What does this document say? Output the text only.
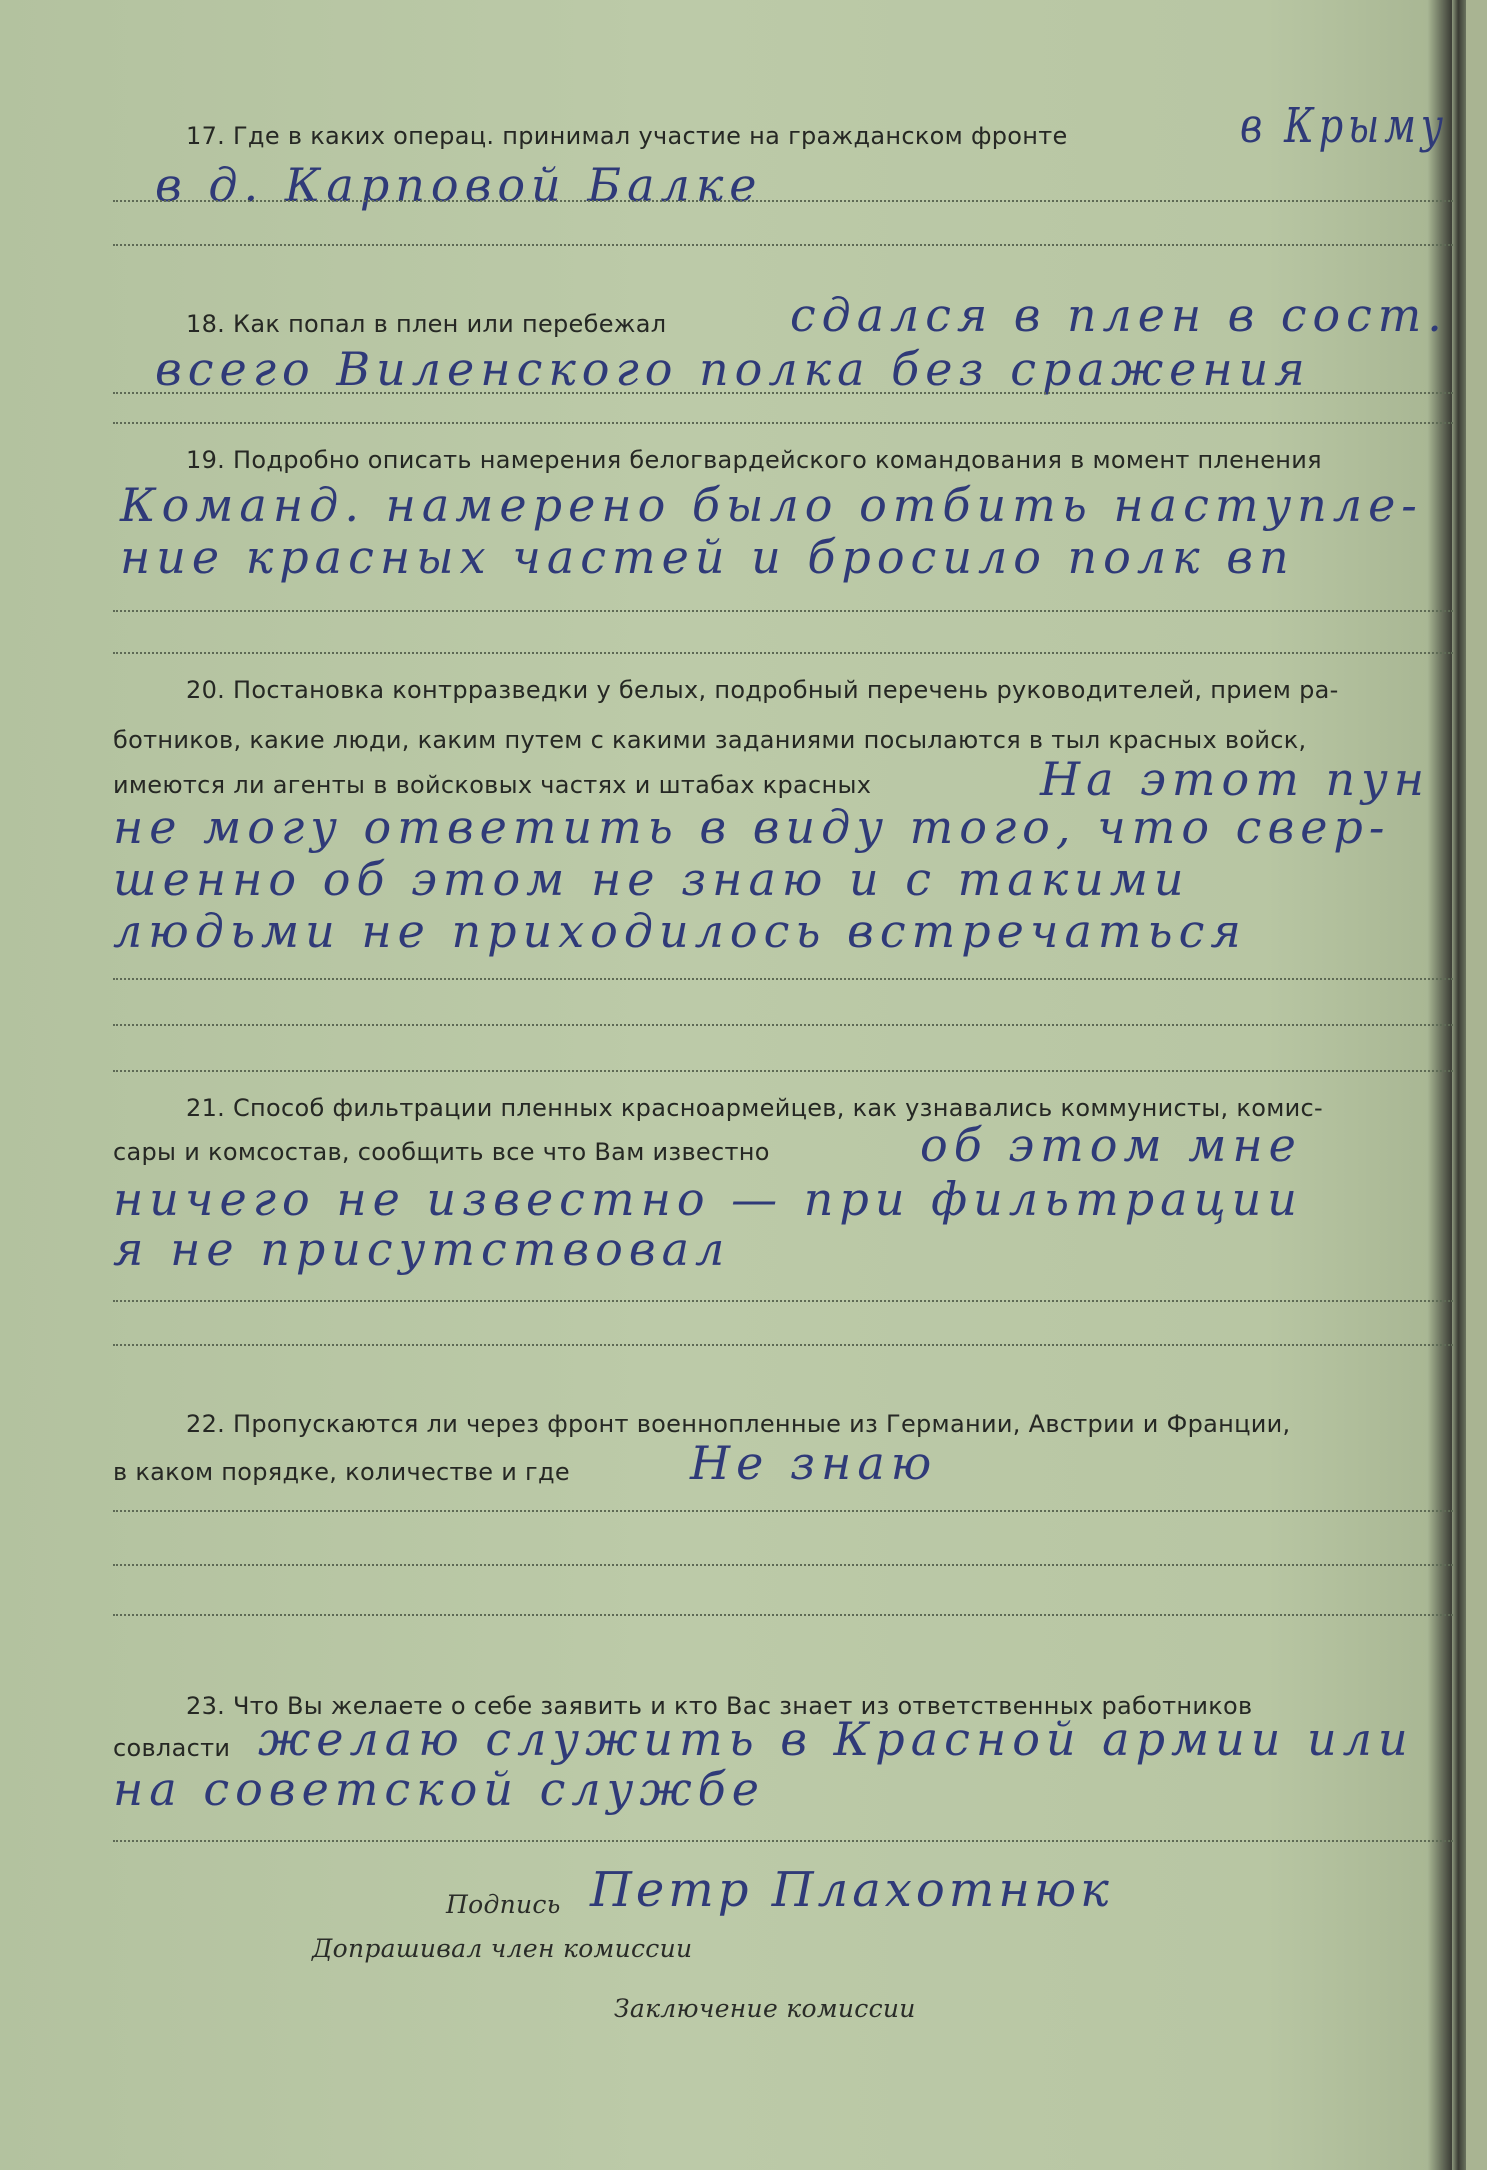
17. Где в каких операц. принимал участие на гражданском фронте	в Крыму

в д. Карповой Балке

18. Как попал в плен или перебежал	сдался в плен в сост.

всего Виленского полка без сражения

19. Подробно описать намерения белогвардейского командования в момент пленения

Команд. намерено было отбить наступле-

ние красных частей и бросило полк вп

20. Постановка контрразведки у белых, подробный перечень руководителей, прием ра-

ботников, какие люди, каким путем с какими заданиями посылаются в тыл красных войск,

имеются ли агенты в войсковых частях и штабах красных	На этот пун

не могу ответить в виду того, что свер-

шенно об этом не знаю и с такими

людьми не приходилось встречаться

21. Способ фильтрации пленных красноармейцев, как узнавались коммунисты, комис-

сары и комсостав, сообщить все что Вам известно	об этом мне

ничего не известно — при фильтрации

я не присутствовал

22. Пропускаются ли через фронт военнопленные из Германии, Австрии и Франции,

в каком порядке, количестве и где	Не знаю

23. Что Вы желаете о себе заявить и кто Вас знает из ответственных работников

совласти желаю служить в Красной армии или

на советской службе

Подпись Петр Плахотнюк

Допрашивал член комиссии

Заключение комиссии
